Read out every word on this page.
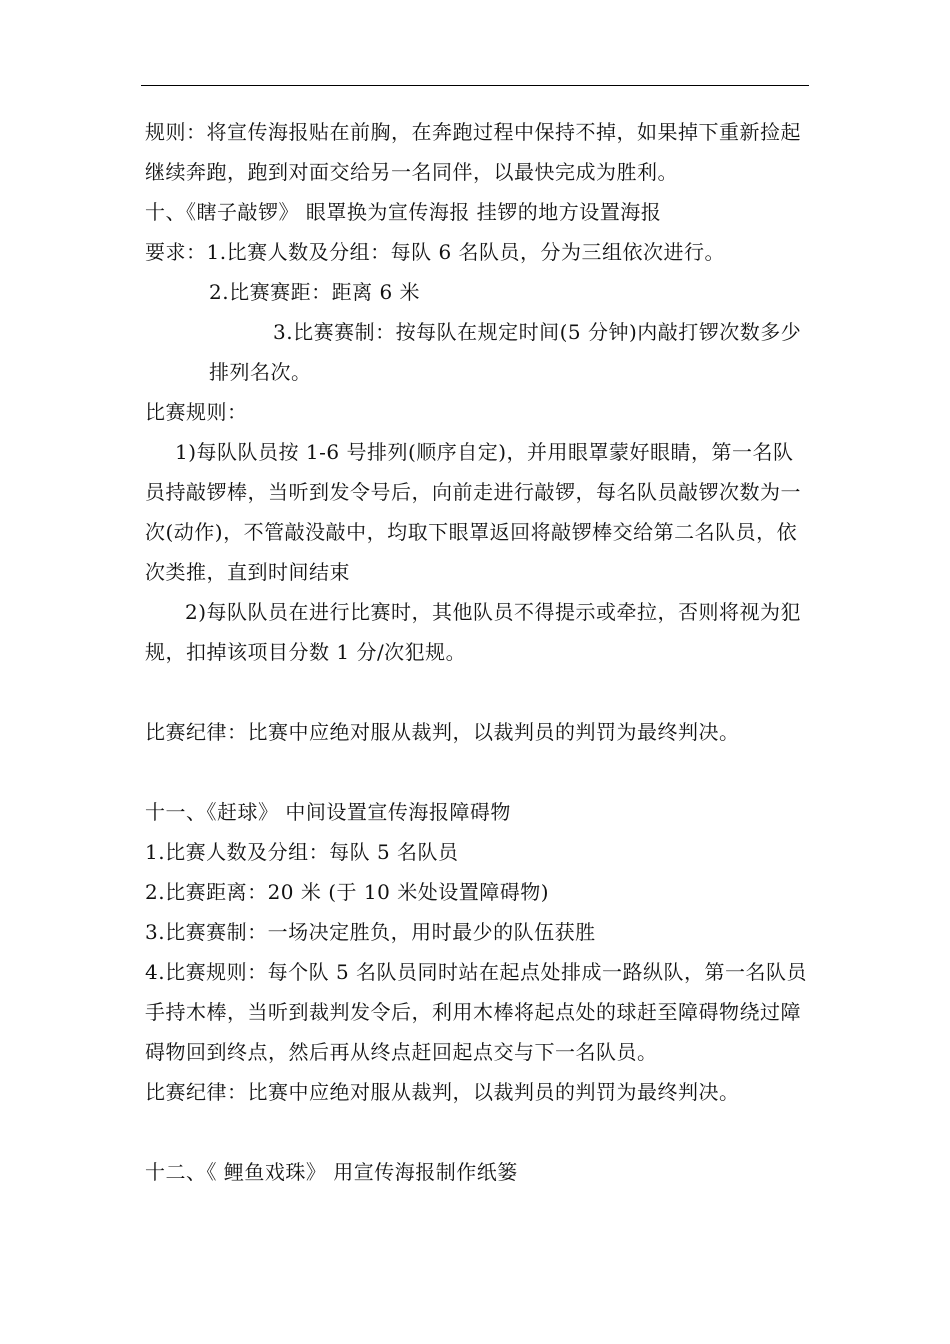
规则：将宣传海报贴在前胸，在奔跑过程中保持不掉，如果掉下重新捡起继续奔跑，跑到对面交给另一名同伴，以最快完成为胜利。

十、《瞎子敲锣》 眼罩换为宣传海报 挂锣的地方设置海报

要求：1.比赛人数及分组：每队 6 名队员，分为三组依次进行。

2.比赛赛距：距离 6 米

3.比赛赛制：按每队在规定时间(5 分钟)内敲打锣次数多少排列名次。

比赛规则：

1)每队队员按 1-6 号排列(顺序自定)，并用眼罩蒙好眼睛，第一名队员持敲锣棒，当听到发令号后，向前走进行敲锣，每名队员敲锣次数为一次(动作)，不管敲没敲中，均取下眼罩返回将敲锣棒交给第二名队员，依次类推，直到时间结束

2)每队队员在进行比赛时，其他队员不得提示或牵拉，否则将视为犯规，扣掉该项目分数 1 分/次犯规。

比赛纪律：比赛中应绝对服从裁判，以裁判员的判罚为最终判决。

十一、《赶球》 中间设置宣传海报障碍物

1.比赛人数及分组：每队 5 名队员

2.比赛距离：20 米 (于 10 米处设置障碍物)

3.比赛赛制：一场决定胜负，用时最少的队伍获胜

4.比赛规则：每个队 5 名队员同时站在起点处排成一路纵队，第一名队员手持木棒，当听到裁判发令后，利用木棒将起点处的球赶至障碍物绕过障碍物回到终点，然后再从终点赶回起点交与下一名队员。

比赛纪律：比赛中应绝对服从裁判，以裁判员的判罚为最终判决。

十二、《 鲤鱼戏珠》 用宣传海报制作纸篓
